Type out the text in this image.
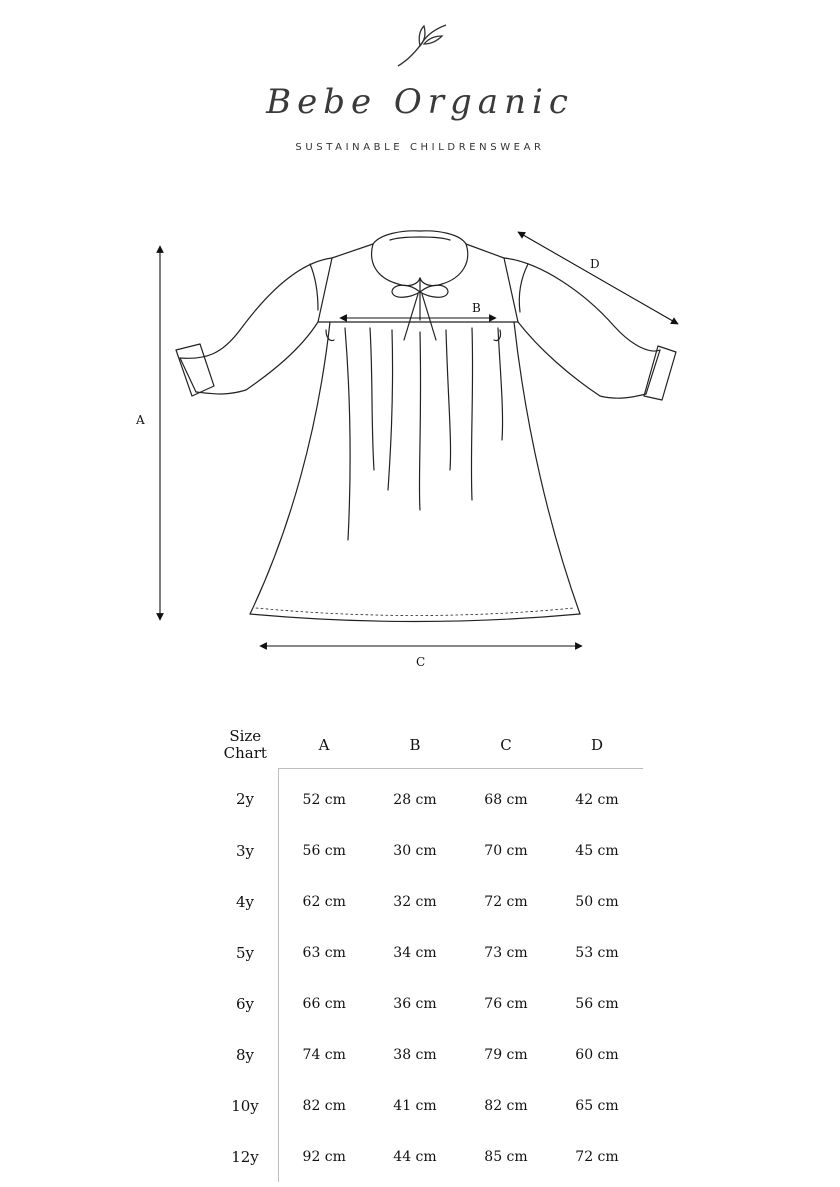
Bebe Organic
SUSTAINABLE CHILDRENSWEAR
A
B
C
D
Size
Chart	A	B	C	D
2y	52 cm	28 cm	68 cm	42 cm
3y	56 cm	30 cm	70 cm	45 cm
4y	62 cm	32 cm	72 cm	50 cm
5y	63 cm	34 cm	73 cm	53 cm
6y	66 cm	36 cm	76 cm	56 cm
8y	74 cm	38 cm	79 cm	60 cm
10y	82 cm	41 cm	82 cm	65 cm
12y	92 cm	44 cm	85 cm	72 cm
